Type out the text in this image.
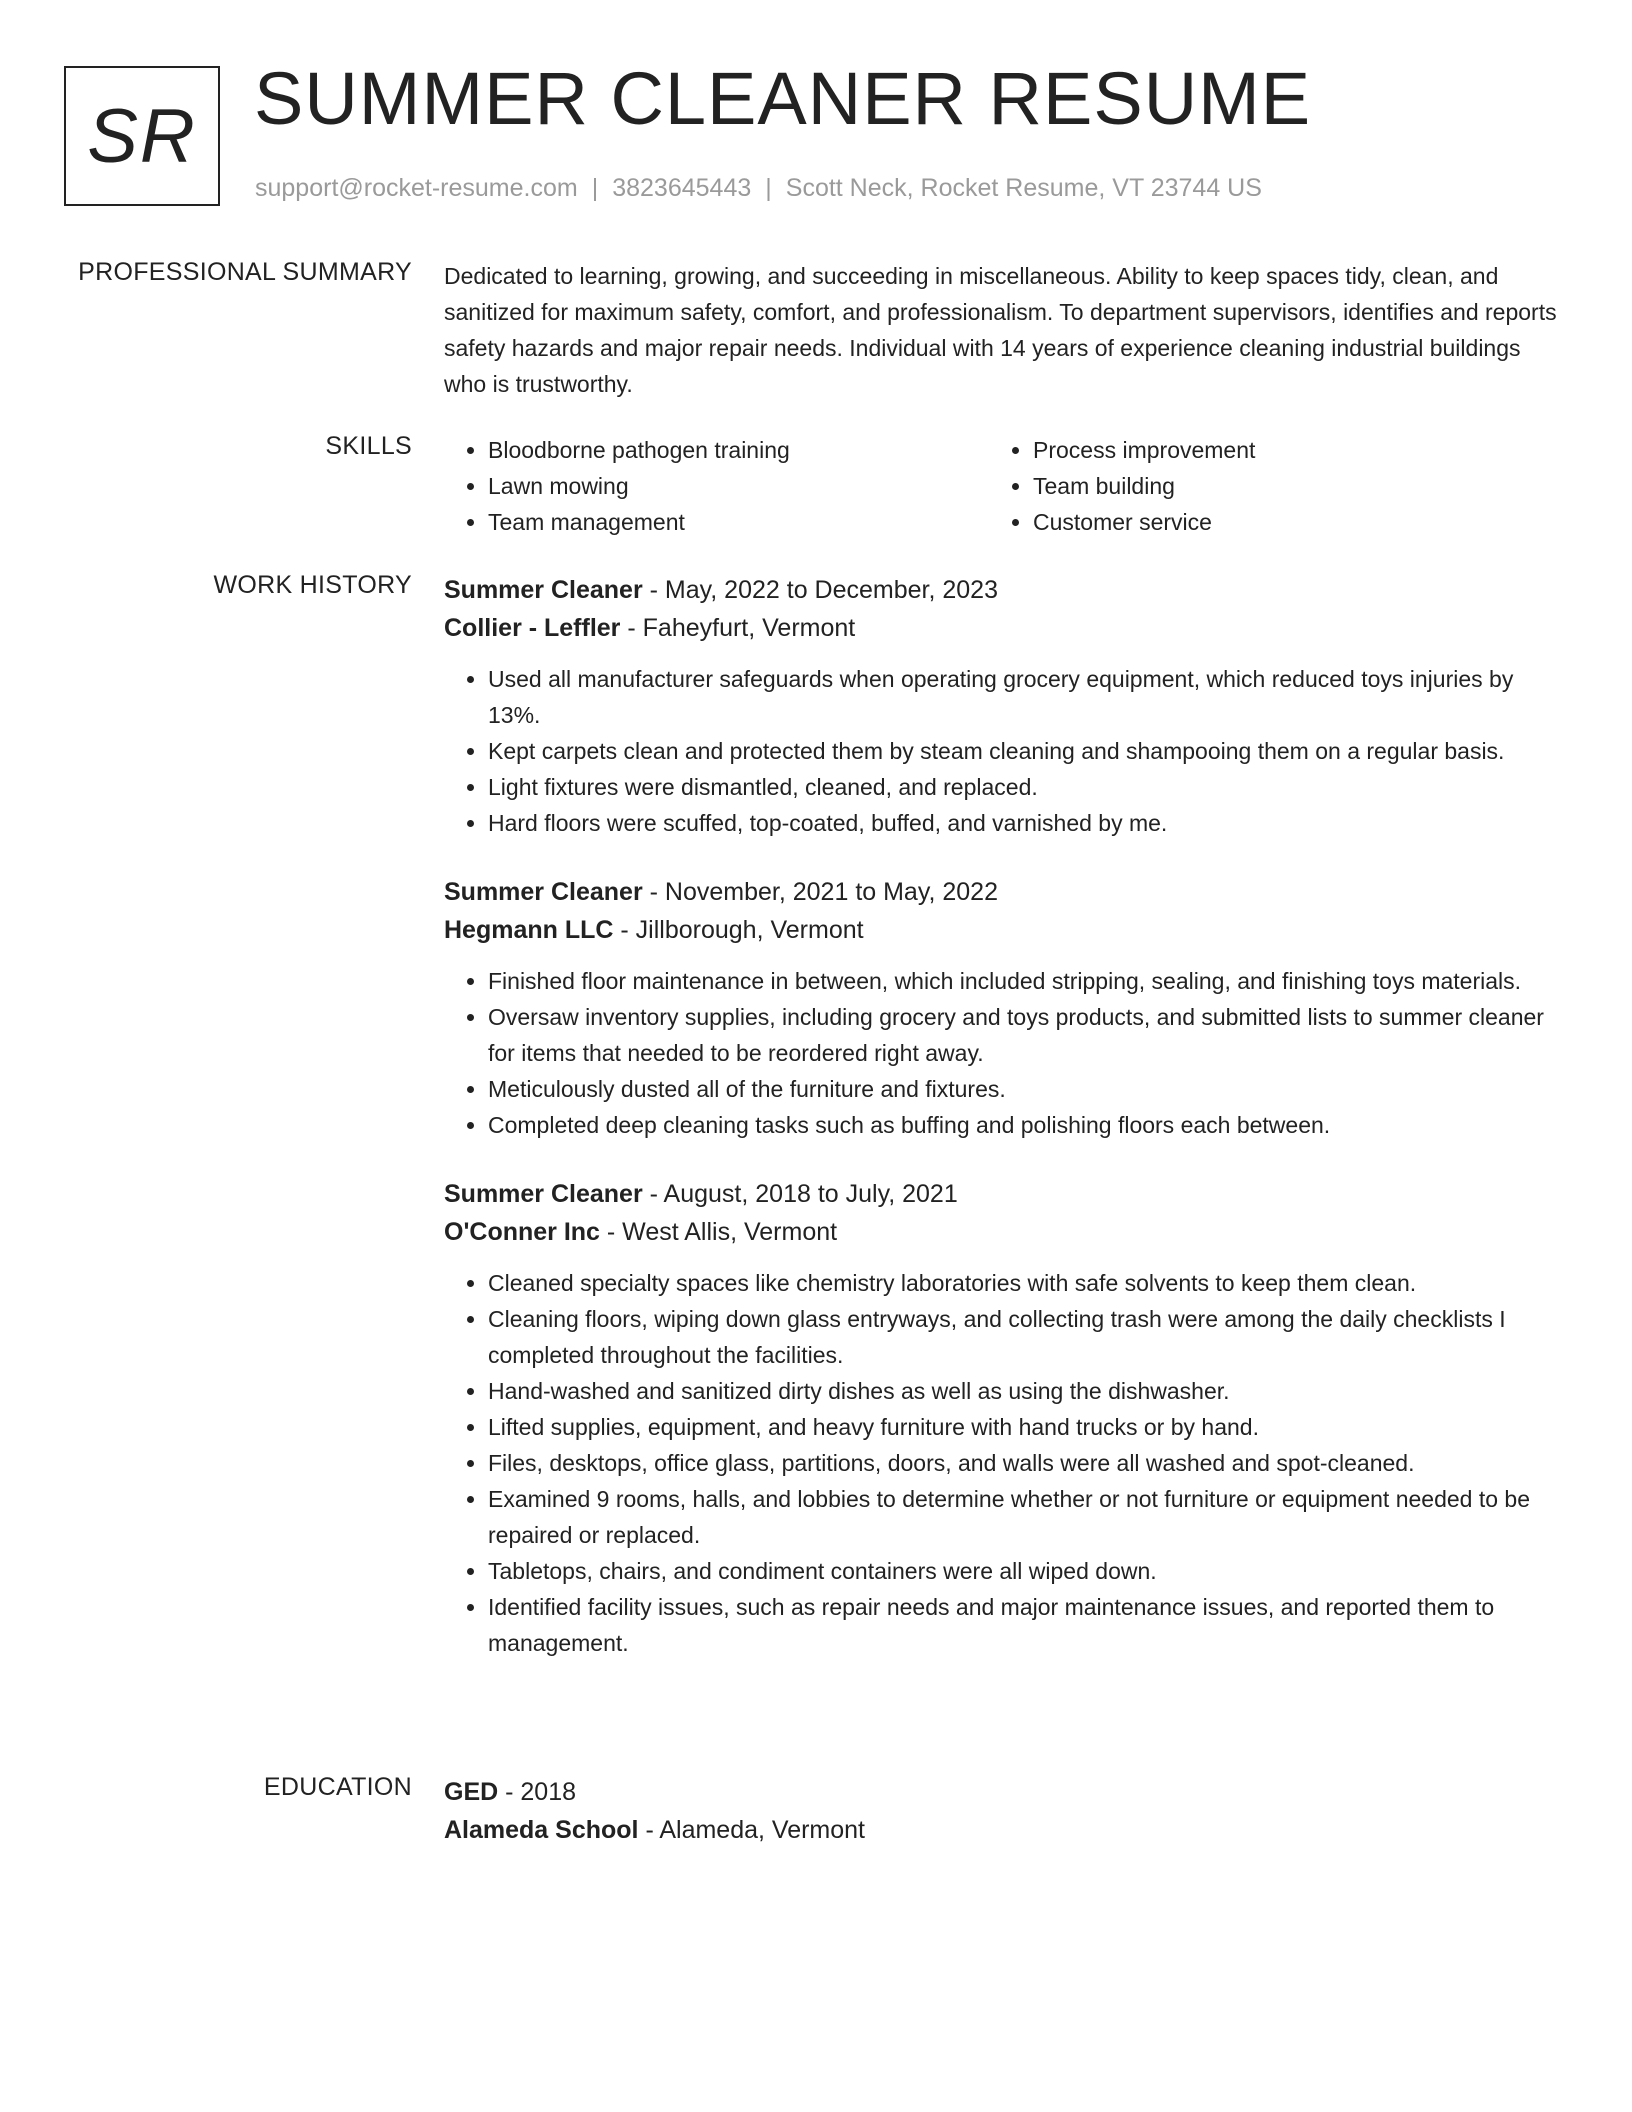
SR SUMMER CLEANER RESUME
support@rocket-resume.com | 3823645443 | Scott Neck, Rocket Resume, VT 23744 US
PROFESSIONAL SUMMARY Dedicated to learning, growing, and succeeding in miscellaneous. Ability to keep spaces tidy, clean, and sanitized for maximum safety, comfort, and professionalism. To department supervisors, identifies and reports safety hazards and major repair needs. Individual with 14 years of experience cleaning industrial buildings who is trustworthy.

SKILLS
•	Bloodborne pathogen training
• Lawn mowing
• Team management
• Process improvement
• Team building
• Customer service
WORK HISTORY Summer Cleaner - May, 2022 to December, 2023
Collier - Leffler - Faheyfurt, Vermont
• Used all manufacturer safeguards when operating grocery equipment, which reduced toys injuries by 13%.
• Kept carpets clean and protected them by steam cleaning and shampooing them on a regular basis.
• Light fixtures were dismantled, cleaned, and replaced.
• Hard floors were scuffed, top-coated, buffed, and varnished by me.
Summer Cleaner - November, 2021 to May, 2022
Hegmann LLC - Jillborough, Vermont
• Finished floor maintenance in between, which included stripping, sealing, and finishing toys materials.
• Oversaw inventory supplies, including grocery and toys products, and submitted lists to summer cleaner for items that needed to be reordered right away.
• Meticulously dusted all of the furniture and fixtures.
• Completed deep cleaning tasks such as buffing and polishing floors each between.
Summer Cleaner - August, 2018 to July, 2021
O'Conner Inc - West Allis, Vermont
• Cleaned specialty spaces like chemistry laboratories with safe solvents to keep them clean.
• Cleaning floors, wiping down glass entryways, and collecting trash were among the daily checklists I completed throughout the facilities.
• Hand-washed and sanitized dirty dishes as well as using the dishwasher.
• Lifted supplies, equipment, and heavy furniture with hand trucks or by hand.
• Files, desktops, office glass, partitions, doors, and walls were all washed and spot-cleaned.
• Examined 9 rooms, halls, and lobbies to determine whether or not furniture or equipment needed to be repaired or replaced.
• Tabletops, chairs, and condiment containers were all wiped down.
• Identified facility issues, such as repair needs and major maintenance issues, and reported them to management.
EDUCATION GED - 2018
Alameda School - Alameda, Vermont
